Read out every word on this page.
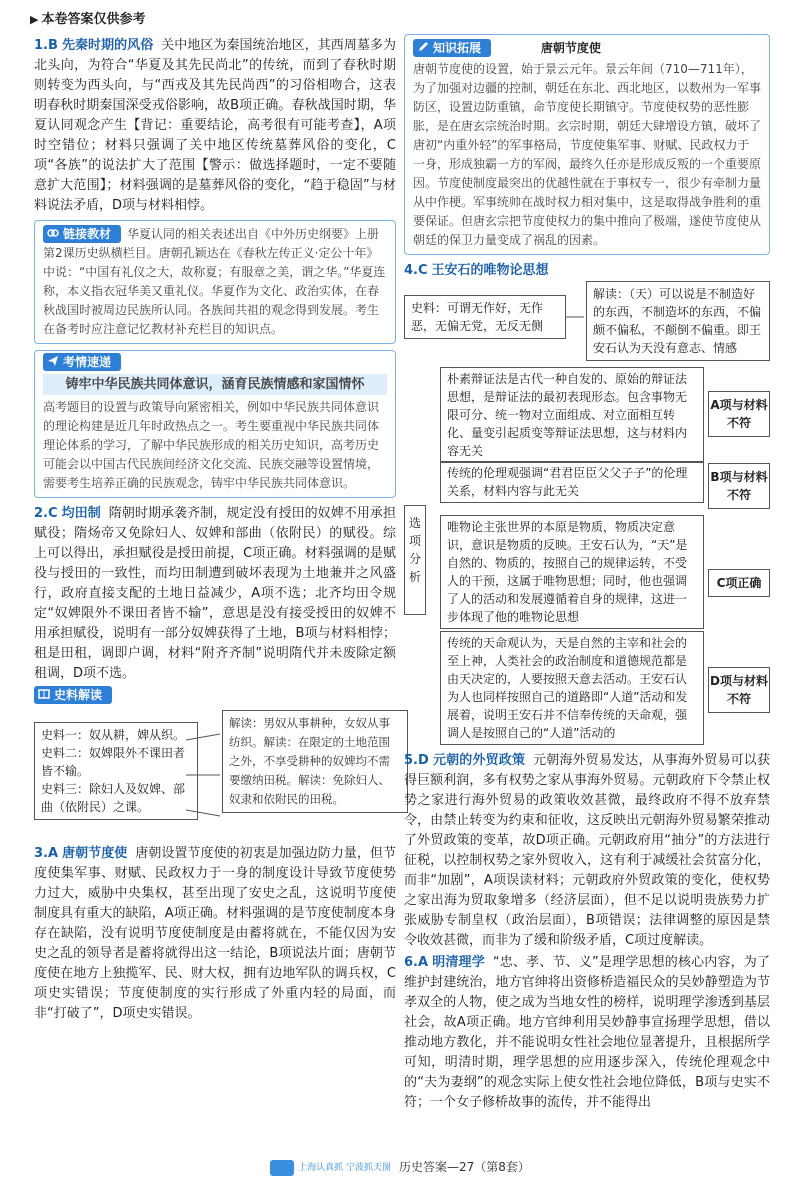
▶ 本卷答案仅供参考

1.B 先秦时期的风俗 关中地区为秦国统治地区，其西周墓多为北头向，为符合“华夏及其先民尚北”的传统，而到了春秋时期则转变为西头向，与“西戎及其先民尚西”的习俗相吻合，这表明春秋时期秦国深受戎俗影响，故B项正确。春秋战国时期，华夏认同观念产生【背记：重要结论，高考很有可能考查】，A项时空错位；材料只强调了关中地区传统墓葬风俗的变化，C项“各族”的说法扩大了范围【警示：做选择题时，一定不要随意扩大范围】；材料强调的是墓葬风俗的变化，“趋于稳固”与材料说法矛盾，D项与材料相悖。

链接教材 华夏认同的相关表述出自《中外历史纲要》上册第2课历史纵横栏目。唐朝孔颖达在《春秋左传正义·定公十年》中说：“中国有礼仪之大，故称夏；有服章之美，谓之华。”华夏连称，本义指衣冠华美又重礼仪。华夏作为文化、政治实体，在春秋战国时被周边民族所认同。各族间共祖的观念得到发展。考生在备考时应注意记忆教材补充栏目的知识点。
考情速递
铸牢中华民族共同体意识，涵育民族情感和家国情怀
高考题目的设置与政策导向紧密相关，例如中华民族共同体意识的理论构建是近几年时政热点之一。考生要重视中华民族共同体理论体系的学习，了解中华民族形成的相关历史知识，高考历史可能会以中国古代民族间经济文化交流、民族交融等设置情境，需要考生培养正确的民族观念，铸牢中华民族共同体意识。

2.C 均田制 隋朝时期承袭齐制，规定没有授田的奴婢不用承担赋役；隋炀帝又免除妇人、奴婢和部曲（依附民）的赋役。综上可以得出，承担赋役是授田前提，C项正确。材料强调的是赋役与授田的一致性，而均田制遭到破坏表现为土地兼并之风盛行，政府直接支配的土地日益减少，A项不选；北齐均田令规定“奴婢限外不课田者皆不输”，意思是没有接受授田的奴婢不用承担赋役，说明有一部分奴婢获得了土地，B项与材料相悖；租是田租，调即户调，材料“附齐齐制”说明隋代并未废除定额租调，D项不选。

史料解读
史料一：奴从耕，婢从织。
史料二：奴婢限外不课田者皆不输。
史料三：除妇人及奴婢、部曲（依附民）之课。
解读：男奴从事耕种，女奴从事纺织。解读：在限定的土地范围之外，不享受耕种的奴婢均不需要缴纳田税。解读：免除妇人、奴隶和依附民的田税。

3.A 唐朝节度使 唐朝设置节度使的初衷是加强边防力量，但节度使集军事、财赋、民政权力于一身的制度设计导致节度使势力过大，威胁中央集权，甚至出现了安史之乱，这说明节度使制度具有重大的缺陷，A项正确。材料强调的是节度使制度本身存在缺陷，没有说明节度使制度是由蓄将就在，不能仅因为安史之乱的领导者是蓄将就得出这一结论，B项说法片面；唐朝节度使在地方上独揽军、民、财大权，拥有边地军队的调兵权，C项史实错误；节度使制度的实行形成了外重内轻的局面，而非“打破了”，D项史实错误。

知识拓展	唐朝节度使
唐朝节度使的设置，始于景云元年。景云年间（710—711年），为了加强对边疆的控制，朝廷在东北、西北地区，以数州为一军事防区，设置边防重镇，命节度使长期镇守。节度使权势的恶性膨胀，是在唐玄宗统治时期。玄宗时期，朝廷大肆增设方镇，破坏了唐初“内重外轻”的军事格局，节度使集军事、财赋、民政权力于一身，形成独霸一方的军阀，最终久任亦是形成反叛的一个重要原因。节度使制度最突出的优越性就在于事权专一，很少有牵制力量从中作梗。军事统帅在战时权力相对集中，这是取得战争胜利的重要保证。但唐玄宗把节度使权力的集中推向了极端，遂使节度使从朝廷的保卫力量变成了祸乱的因素。
4.C 王安石的唯物论思想
史料：可谓无作好，无作恶，无偏无党，无反无侧
解读：（天）可以说是不制造好的东西，不制造坏的东西，不偏颇不偏私，不颠倒不偏重。即王安石认为天没有意志、情感
选项分析
朴素辩证法是古代一种自发的、原始的辩证法思想，是辩证法的最初表现形态。包含事物无限可分、统一物对立面组成、对立面相互转化、量变引起质变等辩证法思想，这与材料内容无关
A项与材料不符
传统的伦理观强调“君君臣臣父父子子”的伦理关系，材料内容与此无关
B项与材料不符
唯物论主张世界的本原是物质，物质决定意识，意识是物质的反映。王安石认为，“天”是自然的、物质的，按照自己的规律运转，不受人的干预，这属于唯物思想；同时，他也强调了人的活动和发展遵循着自身的规律，这进一步体现了他的唯物论思想
C项正确
传统的天命观认为，天是自然的主宰和社会的至上神，人类社会的政治制度和道德规范都是由天决定的，人要按照天意去活动。王安石认为人也同样按照自己的道路即“人道”活动和发展着，说明王安石并不信奉传统的天命观，强调人是按照自己的“人道”活动的
D项与材料不符

5.D 元朝的外贸政策 元朝海外贸易发达，从事海外贸易可以获得巨额利润，多有权势之家从事海外贸易。元朝政府下令禁止权势之家进行海外贸易的政策收效甚微，最终政府不得不放弃禁令，由禁止转变为约束和征收，这反映出元朝海外贸易繁荣推动了外贸政策的变革，故D项正确。元朝政府用“抽分”的方法进行征税，以控制权势之家外贸收入，这有利于减缓社会贫富分化，而非“加剧”，A项误读材料；元朝政府外贸政策的变化，使权势之家出海为贸取象增多（经济层面），但不足以说明贵族势力扩张威胁专制皇权（政治层面），B项错误；法律调整的原因是禁令收效甚微，而非为了缓和阶级矛盾，C项过度解读。

6.A 明清理学 “忠、孝、节、义”是理学思想的核心内容，为了维护封建统治，地方官绅将出资修桥造福民众的吴妙静塑造为节孝双全的人物，使之成为当地女性的榜样，说明理学渗透到基层社会，故A项正确。地方官绅利用吴妙静事宣扬理学思想，借以推动地方教化，并不能说明女性社会地位显著提升，且根据所学可知，明清时期，理学思想的应用逐步深入，传统伦理观念中的“夫为妻纲”的观念实际上使女性社会地位降低，B项与史实不符；一个女子修桥故事的流传，并不能得出

上海认真抓 宁波抓天图 历史答案—27（第8套）
